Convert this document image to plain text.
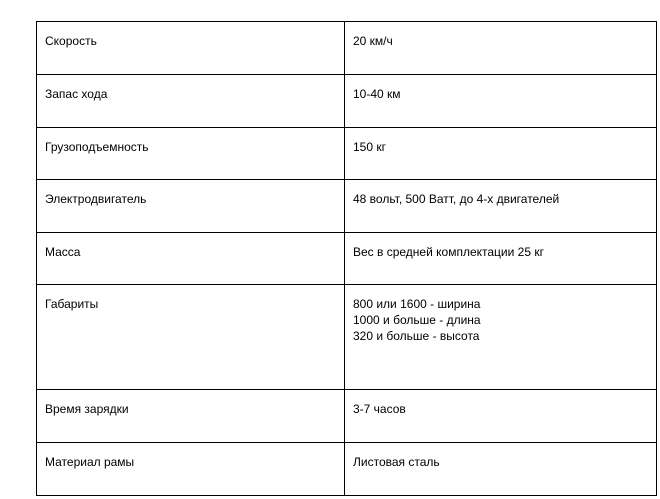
Скорость	20 км/ч

Запас хода	10-40 км

Грузоподъемность	150 кг

Электродвигатель	48 вольт, 500 Ватт, до 4-х двигателей

Масса	Вес в средней комплектации 25 кг

Габариты	800 или 1600 - ширина
1000 и больше - длина
320 и больше - высота

Время зарядки	3-7 часов

Материал рамы	Листовая сталь
